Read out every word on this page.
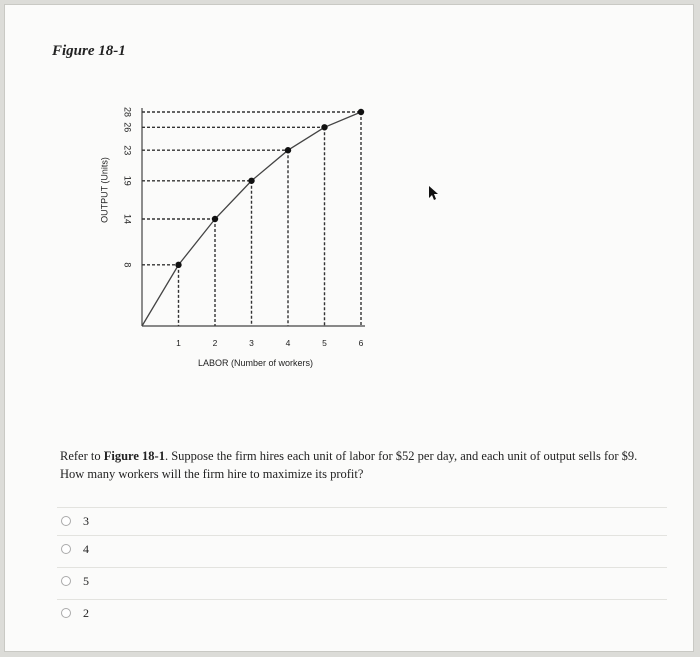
Figure 18-1
1	2	3	4	5	6
8
14
19
23
26
28
LABOR (Number of workers)
OUTPUT (Units)
Refer to Figure 18-1. Suppose the firm hires each unit of labor for $52 per day, and each unit of output sells for $9. How many workers will the firm hire to maximize its profit?
3
4
5
2
